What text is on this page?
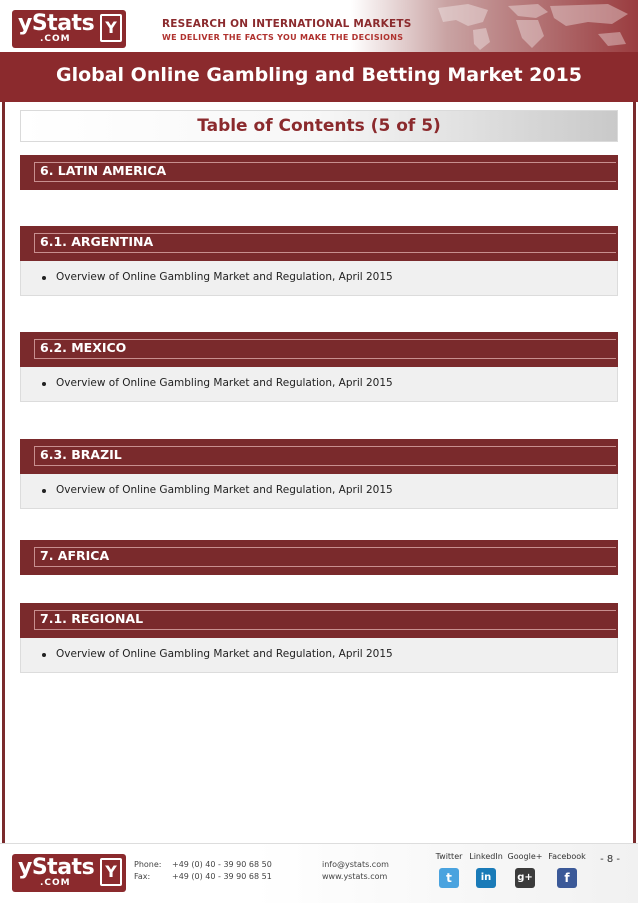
yStats
.COM
Y	RESEARCH ON INTERNATIONAL MARKETS
WE DELIVER THE FACTS YOU MAKE THE DECISIONS
Global Online Gambling and Betting Market 2015
Table of Contents (5 of 5)
6. LATIN AMERICA
6.1. ARGENTINA
Overview of Online Gambling Market and Regulation, April 2015
6.2. MEXICO
Overview of Online Gambling Market and Regulation, April 2015
6.3. BRAZIL
Overview of Online Gambling Market and Regulation, April 2015
7. AFRICA
7.1. REGIONAL
Overview of Online Gambling Market and Regulation, April 2015
yStats
.COM
Y	Phone: +49 (0) 40 - 39 90 68 50
Fax:	+49 (0) 40 - 39 90 68 51
info@ystats.com
www.ystats.com
Twitter
t
LinkedIn
in
Google+
g+
Facebook
f
- 8 -
